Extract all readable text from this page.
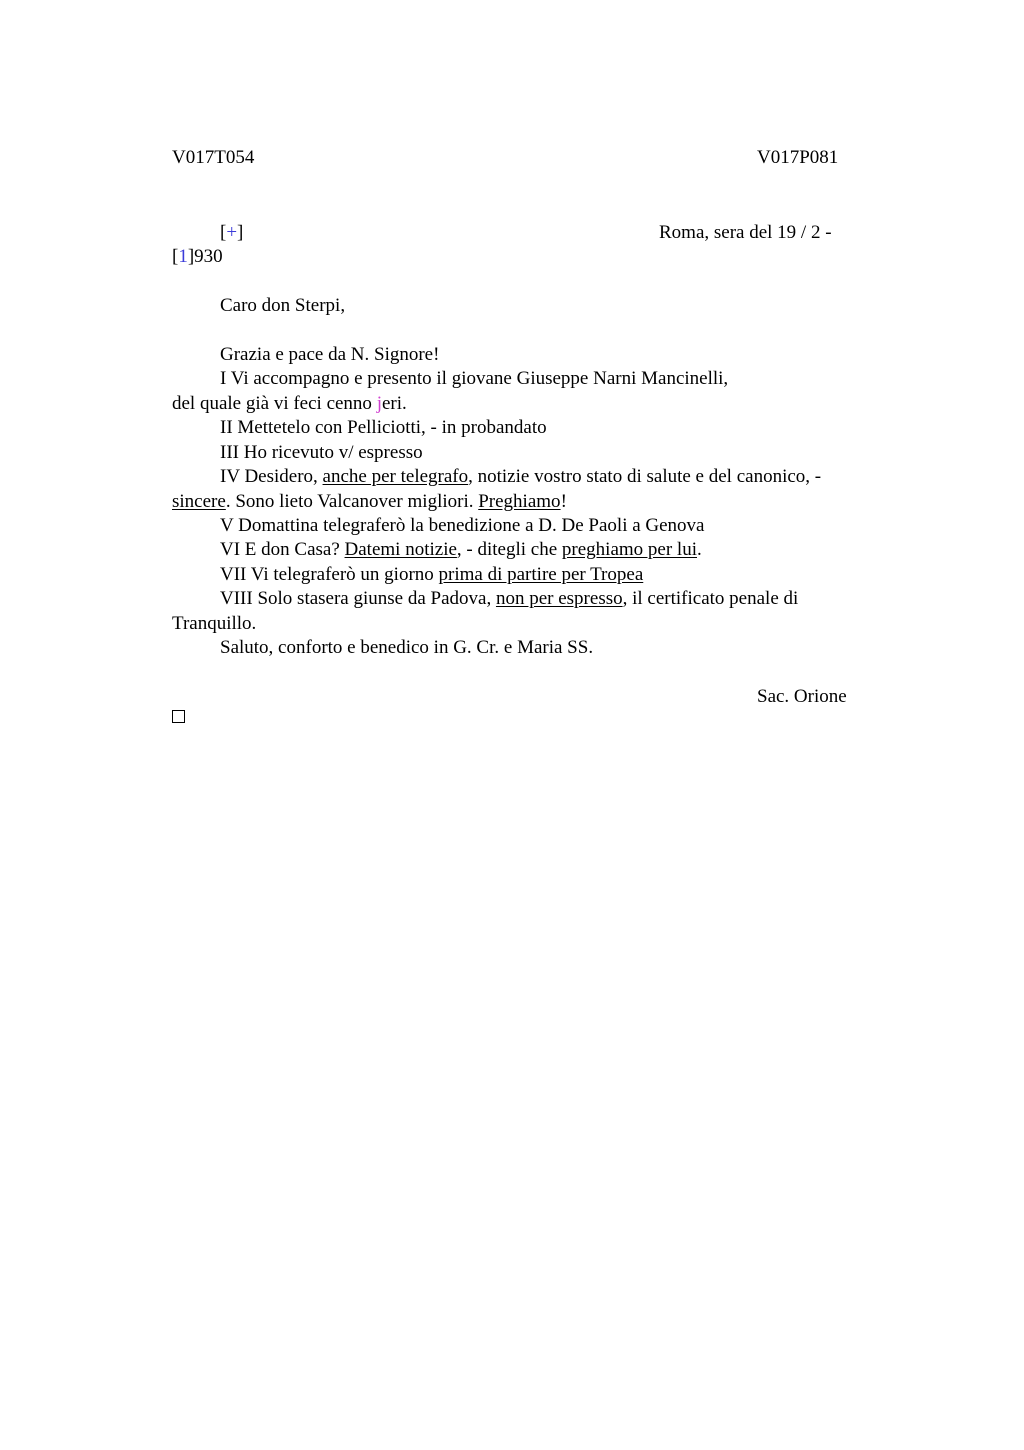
V017T054	V017P081
[+]	Roma, sera del 19 / 2 -
[1]930
Caro don Sterpi,
Grazia e pace da N. Signore!
I Vi accompagno e presento il giovane Giuseppe Narni Mancinelli,
del quale già vi feci cenno jeri.
II Mettetelo con Pelliciotti, - in probandato
III Ho ricevuto v/ espresso
IV Desidero, anche per telegrafo, notizie vostro stato di salute e del canonico, -
sincere. Sono lieto Valcanover migliori. Preghiamo!
V Domattina telegraferò la benedizione a D. De Paoli a Genova
VI E don Casa? Datemi notizie, - ditegli che preghiamo per lui.
VII Vi telegraferò un giorno prima di partire per Tropea
VIII Solo stasera giunse da Padova, non per espresso, il certificato penale di
Tranquillo.
Saluto, conforto e benedico in G. Cr. e Maria SS.
Sac. Orione
